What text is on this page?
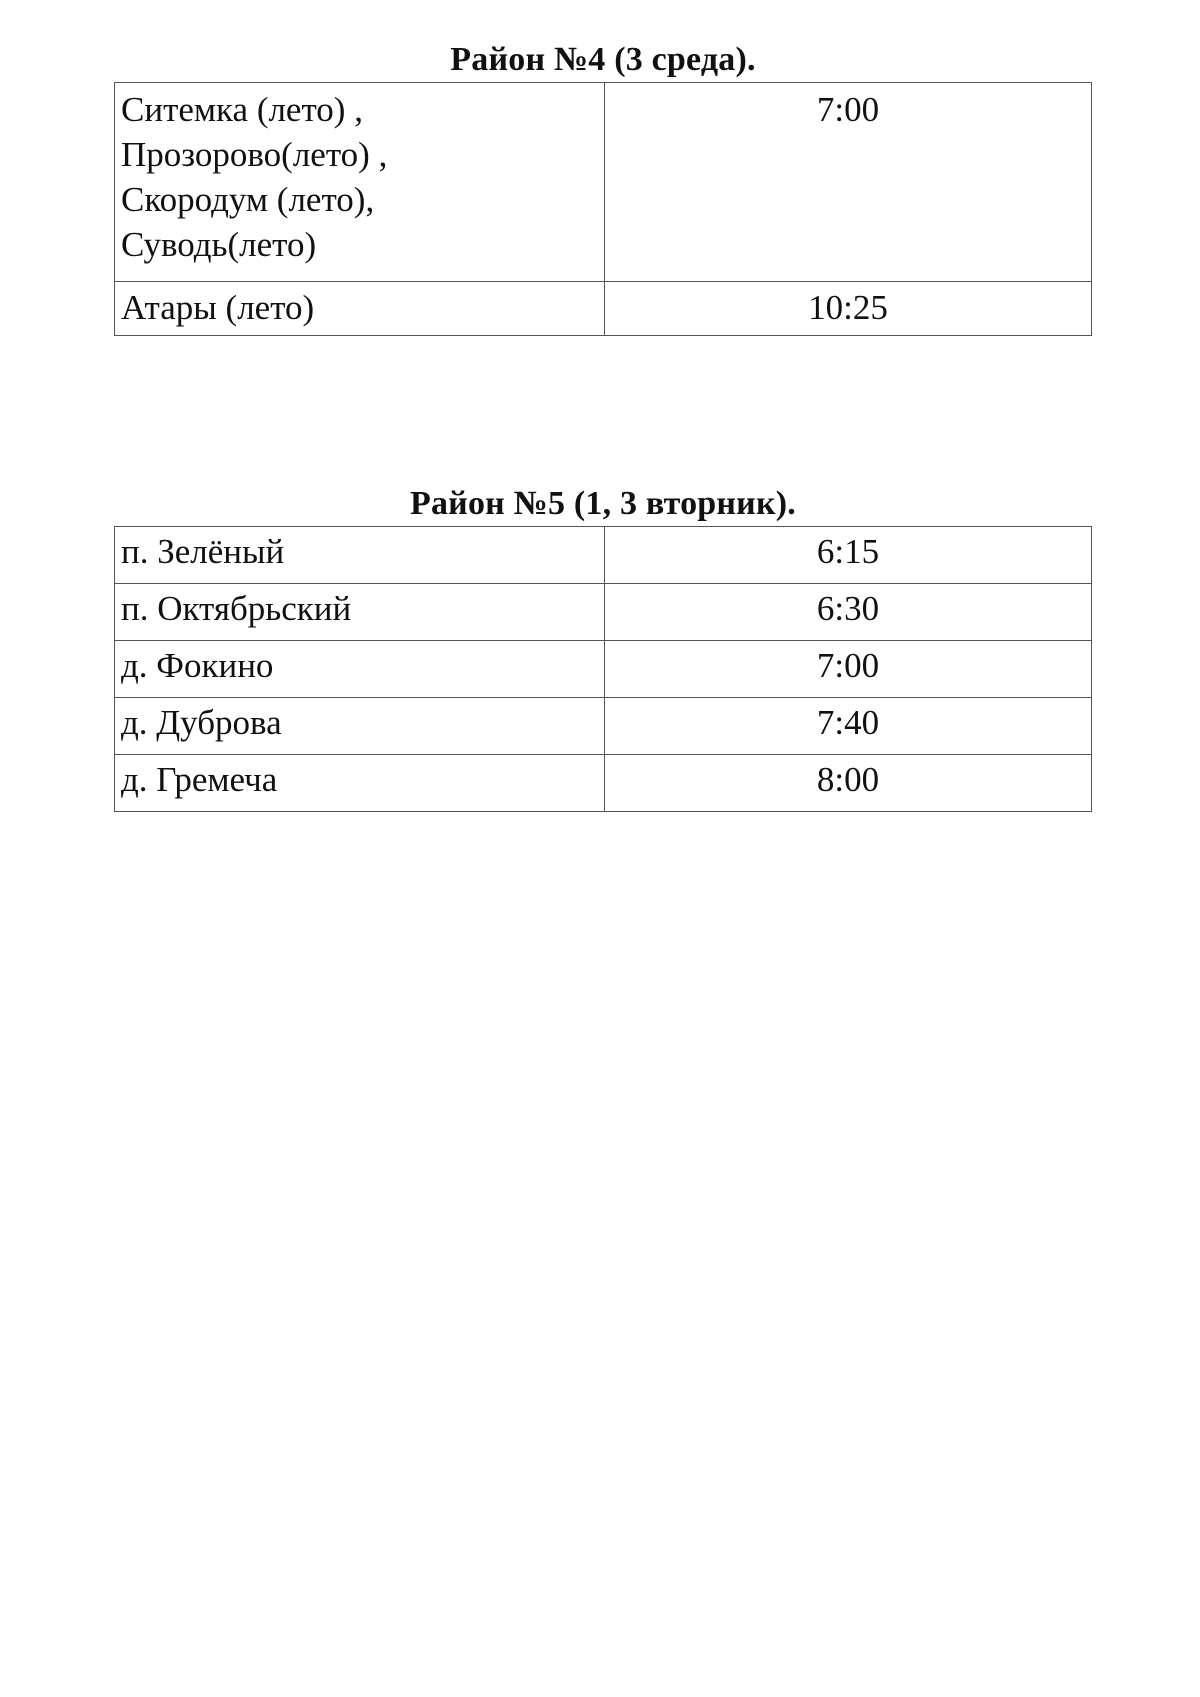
Район №4 (3 среда).
Ситемка (лето) ,
Прозорово(лето) ,
Скородум (лето),
Суводь(лето)	7:00
Атары (лето)	10:25
Район №5 (1, 3 вторник).
п. Зелёный	6:15
п. Октябрьский	6:30
д. Фокино	7:00
д. Дуброва	7:40
д. Гремеча	8:00
